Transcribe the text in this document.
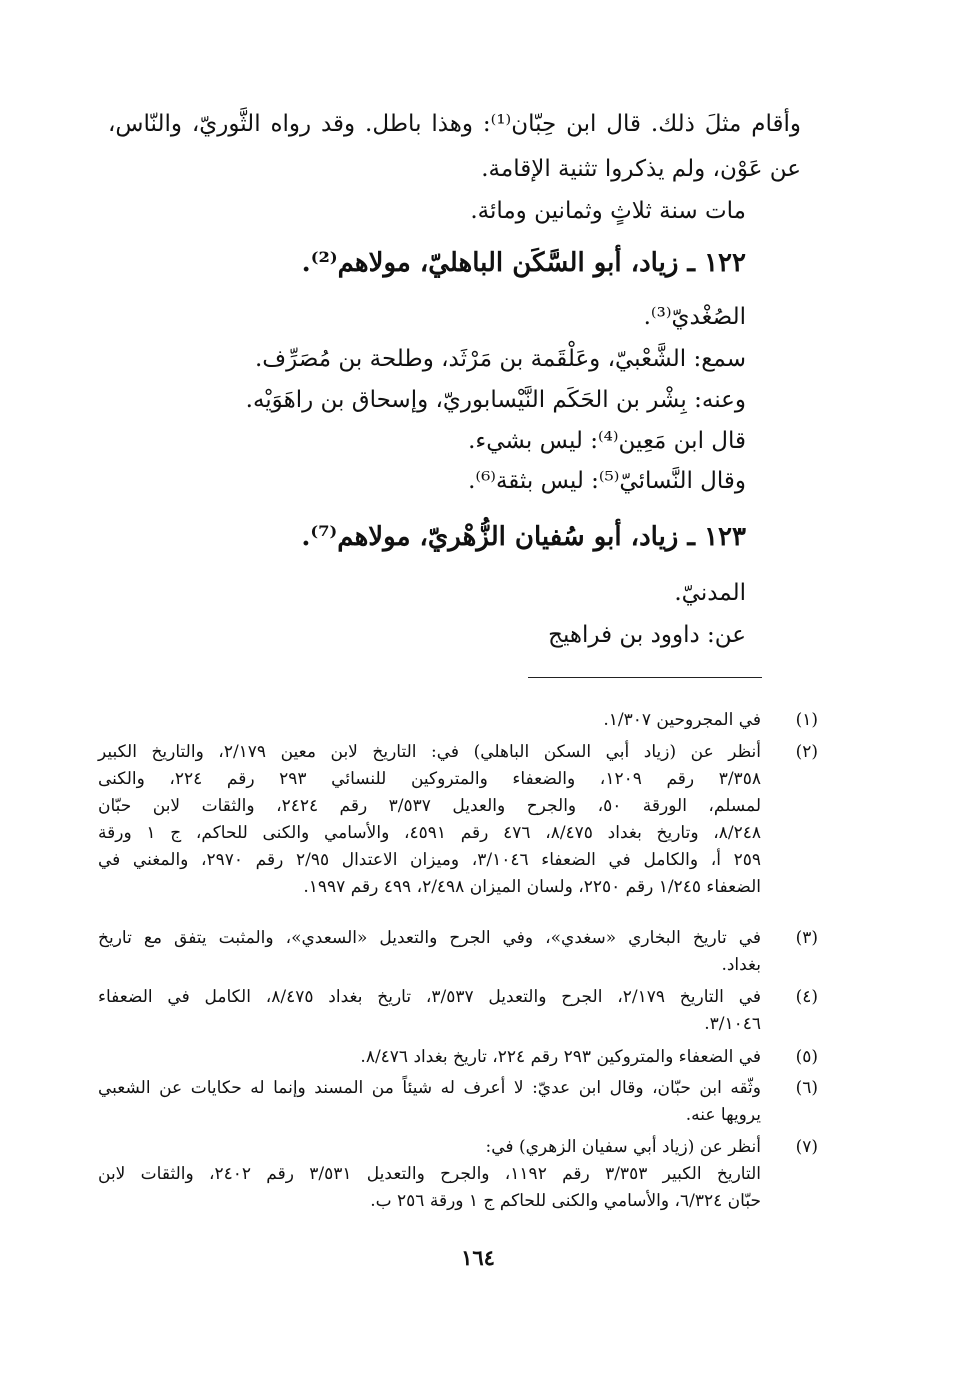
وأقام مثلَ ذلك. قال ابن حِبّان⁽¹⁾: وهذا باطل. وقد رواه الثَّوريّ، والنّاس،
عن عَوْن، ولم يذكروا تثنية الإقامة.
مات سنة ثلاثٍ وثمانين ومائة.
١٢٢ ـ زياد، أبو السَّكَن الباهليّ، مولاهم⁽²⁾.
الصُغْديّ⁽³⁾.
سمع: الشَّعْبيّ، وعَلْقَمة بن مَرْثَد، وطلحة بن مُصَرِّف.
وعنه: بِشْر بن الحَكَم النَّيْسابوريّ، وإسحاق بن راهَوَيْه.
قال ابن مَعِين⁽⁴⁾: ليس بشيء.
وقال النَّسائيّ⁽⁵⁾: ليس بثقة⁽⁶⁾.
١٢٣ ـ زياد، أبو سُفيان الزُّهْريّ، مولاهم⁽⁷⁾.
المدنيّ.
عن: داوود بن فراهيج
(١)
في المجروحين ١/٣٠٧.
(٢)
أنظر عن (زياد أبي السكن الباهلي) في: التاريخ لابن معين ٢/١٧٩، والتاريخ الكبير
٣/٣٥٨ رقم ١٢٠٩، والضعفاء والمتروكين للنسائي ٢٩٣ رقم ٢٢٤، والكنى
لمسلم، الورقة ٥٠، والجرح والعديل ٣/٥٣٧ رقم ٢٤٢٤، والثقات لابن حبّان
٨/٢٤٨، وتاريخ بغداد ٨/٤٧٥، ٤٧٦ رقم ٤٥٩١، والأسامي والكنى للحاكم، ج ١ ورقة
٢٥٩ أ، والكامل في الضعفاء ٣/١٠٤٦، وميزان الاعتدال ٢/٩٥ رقم ٢٩٧٠، والمغني في
الضعفاء ١/٢٤٥ رقم ٢٢٥٠، ولسان الميزان ٢/٤٩٨، ٤٩٩ رقم ١٩٩٧.
(٣)
في تاريخ البخاري «سغدي»، وفي الجرح والتعديل «السعدي»، والمثبت يتفق مع تاريخ
بغداد.
(٤)
في التاريخ ٢/١٧٩، الجرح والتعديل ٣/٥٣٧، تاريخ بغداد ٨/٤٧٥، الكامل في الضعفاء
٣/١٠٤٦.
(٥)
في الضعفاء والمتروكين ٢٩٣ رقم ٢٢٤، تاريخ بغداد ٨/٤٧٦.
(٦)
وثّقه ابن حبّان، وقال ابن عديّ: لا أعرف له شيئاً من المسند وإنما له حكايات عن الشعبي
يرويها عنه.
(٧)
أنظر عن (زياد أبي سفيان الزهري) في:
التاريخ الكبير ٣/٣٥٣ رقم ١١٩٢، والجرح والتعديل ٣/٥٣١ رقم ٢٤٠٢، والثقات لابن
حبّان ٦/٣٢٤، والأسامي والكنى للحاكم ج ١ ورقة ٢٥٦ ب.
١٦٤
